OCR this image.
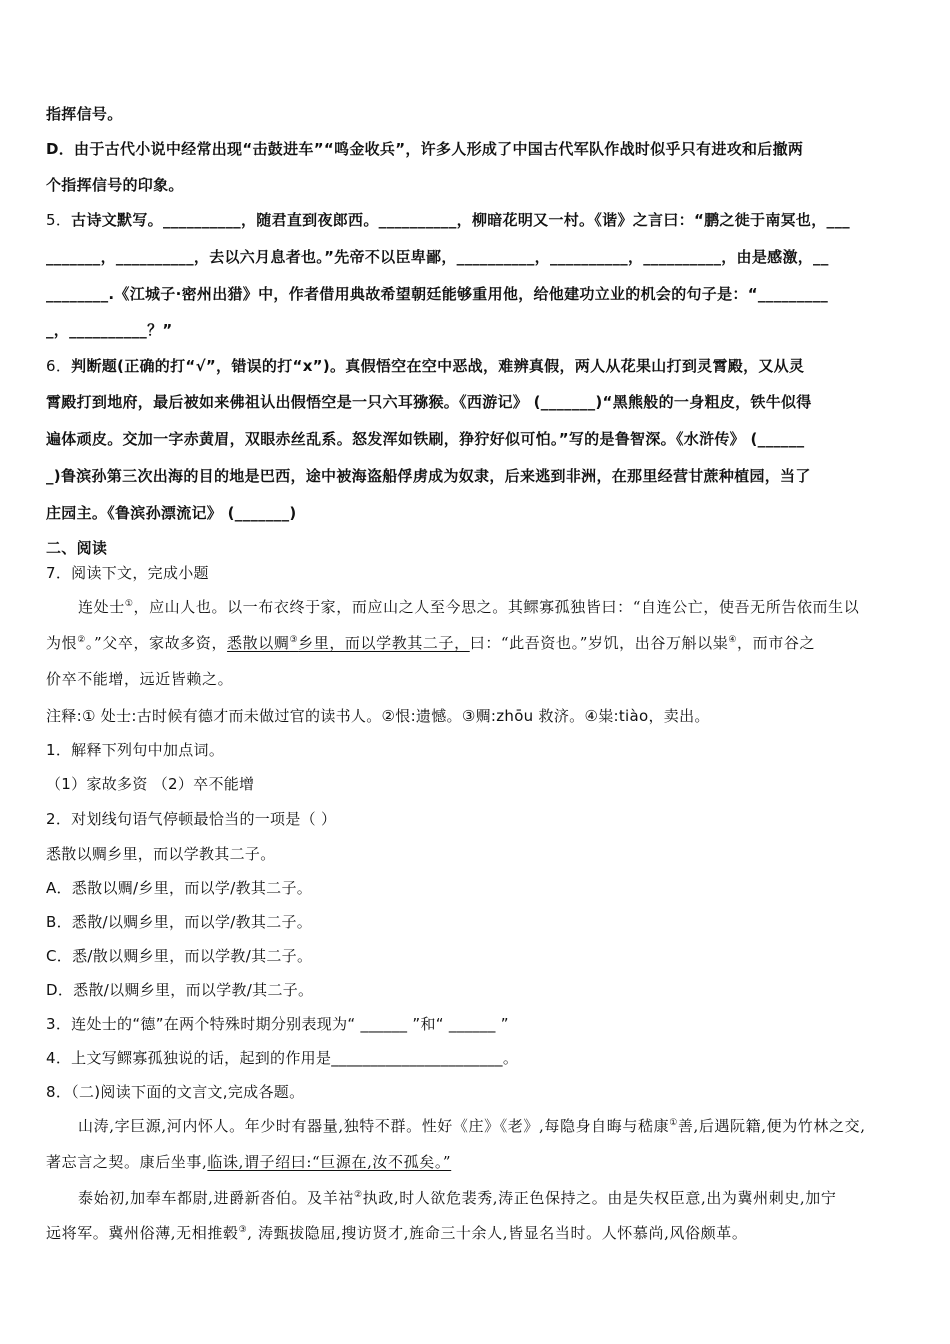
指挥信号。
D．由于古代小说中经常出现“击鼓进车”“鸣金收兵”，许多人形成了中国古代军队作战时似乎只有进攻和后撤两
个指挥信号的印象。
5．古诗文默写。__________，随君直到夜郎西。__________，柳暗花明又一村。《谐》之言曰：“鹏之徙于南冥也，___
_______，__________，去以六月息者也。”先帝不以臣卑鄙，__________，__________，__________，由是感激，__
________.《江城子·密州出猎》中，作者借用典故希望朝廷能够重用他，给他建功立业的机会的句子是：“_________
_，__________？”
6．判断题(正确的打“√”，错误的打“x”)。真假悟空在空中恶战，难辨真假，两人从花果山打到灵霄殿，又从灵
霄殿打到地府，最后被如来佛祖认出假悟空是一只六耳猕猴。《西游记》 (_______)“黑熊般的一身粗皮，铁牛似得
遍体顽皮。交加一字赤黄眉，双眼赤丝乱系。怒发浑如铁刷，狰狞好似可怕。”写的是鲁智深。《水浒传》 (______
_)鲁滨孙第三次出海的目的地是巴西，途中被海盗船俘虏成为奴隶，后来逃到非洲，在那里经营甘蔗种植园，当了
庄园主。《鲁滨孙漂流记》 (_______)
二、阅读
7．阅读下文，完成小题
连处士①，应山人也。以一布衣终于家，而应山之人至今思之。其鳏寡孤独皆曰：“自连公亡，使吾无所告依而生以
为恨②。”父卒，家故多资，悉散以赒③乡里，而以学教其二子，曰：“此吾资也。”岁饥，出谷万斛以粜④，而市谷之
价卒不能增，远近皆赖之。
注释:① 处士:古时候有德才而未做过官的读书人。②恨:遗憾。③赒:zhōu 救济。④粜:tiào，卖出。
1．解释下列句中加点词。
（1）家故多资 （2）卒不能增
2．对划线句语气停顿最恰当的一项是（ ）
悉散以赒乡里，而以学教其二子。
A．悉散以赒/乡里，而以学/教其二子。
B．悉散/以赒乡里，而以学/教其二子。
C．悉/散以赒乡里，而以学教/其二子。
D．悉散/以赒乡里，而以学教/其二子。
3．连处士的“德”在两个特殊时期分别表现为“ ______ ”和“ ______ ”
4．上文写鳏寡孤独说的话，起到的作用是______________________。
8．（二)阅读下面的文言文,完成各题。
山涛,字巨源,河内怀人。年少时有器量,独特不群。性好《庄》《老》,每隐身自晦与嵇康①善,后遇阮籍,便为竹林之交,
著忘言之契。康后坐事,临诛,谓子绍曰:“巨源在,汝不孤矣。”
泰始初,加奉车都尉,进爵新沓伯。及羊祜②执政,时人欲危裴秀,涛正色保持之。由是失权臣意,出为冀州刺史,加宁
远将军。冀州俗薄,无相推毂③, 涛甄拔隐屈,搜访贤才,旌命三十余人,皆显名当时。人怀慕尚,风俗颇革。
